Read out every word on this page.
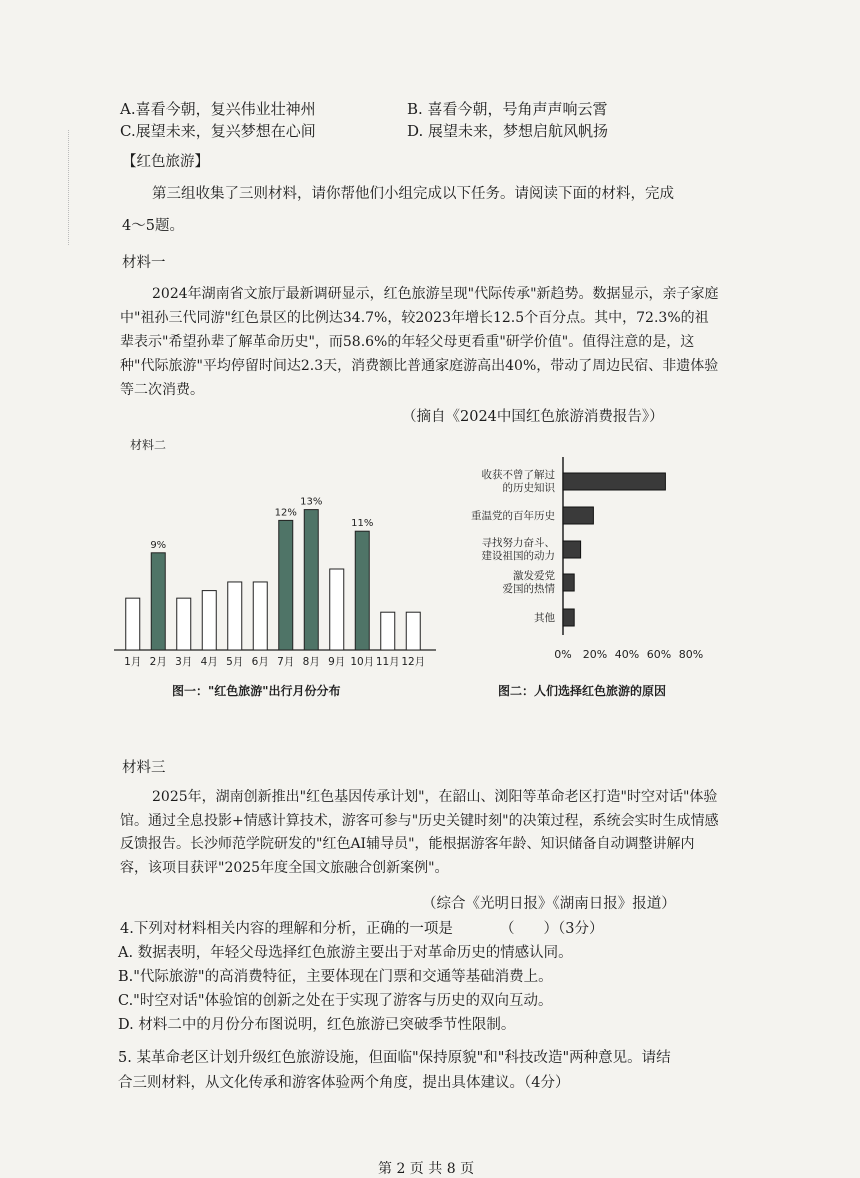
A.喜看今朝，复兴伟业壮神州	B. 喜看今朝，号角声声响云霄
C.展望未来，复兴梦想在心间	D. 展望未来，梦想启航风帆扬
【红色旅游】
第三组收集了三则材料，请你帮他们小组完成以下任务。请阅读下面的材料，完成
4～5题。
材料一
2024年湖南省文旅厅最新调研显示，红色旅游呈现"代际传承"新趋势。数据显示，亲子家庭中"祖孙三代同游"红色景区的比例达34.7%，较2023年增长12.5个百分点。其中，72.3%的祖辈表示"希望孙辈了解革命历史"，而58.6%的年轻父母更看重"研学价值"。值得注意的是，这种"代际旅游"平均停留时间达2.3天，消费额比普通家庭游高出40%，带动了周边民宿、非遗体验等二次消费。
（摘自《2024中国红色旅游消费报告》）
材料二
1月 2月
9%
3月 4月 5月 6月 7月
12%
8月
13%
9月 10月
11%
11月 12月
图一："红色旅游"出行月份分布
收获不曾了解过的历史知识
重温党的百年历史
寻找努力奋斗、建设祖国的动力
激发爱党爱国的热情
其他
0% 20% 40% 60% 80%
图二：人们选择红色旅游的原因
材料三
2025年，湖南创新推出"红色基因传承计划"，在韶山、浏阳等革命老区打造"时空对话"体验馆。通过全息投影+情感计算技术，游客可参与"历史关键时刻"的决策过程，系统会实时生成情感反馈报告。长沙师范学院研发的"红色AI辅导员"，能根据游客年龄、知识储备自动调整讲解内容，该项目获评"2025年度全国文旅融合创新案例"。
（综合《光明日报》《湖南日报》报道）
4.下列对材料相关内容的理解和分析，正确的一项是	（　　）（3分）
A. 数据表明，年轻父母选择红色旅游主要出于对革命历史的情感认同。
B."代际旅游"的高消费特征，主要体现在门票和交通等基础消费上。
C."时空对话"体验馆的创新之处在于实现了游客与历史的双向互动。
D. 材料二中的月份分布图说明，红色旅游已突破季节性限制。
5. 某革命老区计划升级红色旅游设施，但面临"保持原貌"和"科技改造"两种意见。请结
合三则材料，从文化传承和游客体验两个角度，提出具体建议。（4分）
第 2 页 共 8 页
